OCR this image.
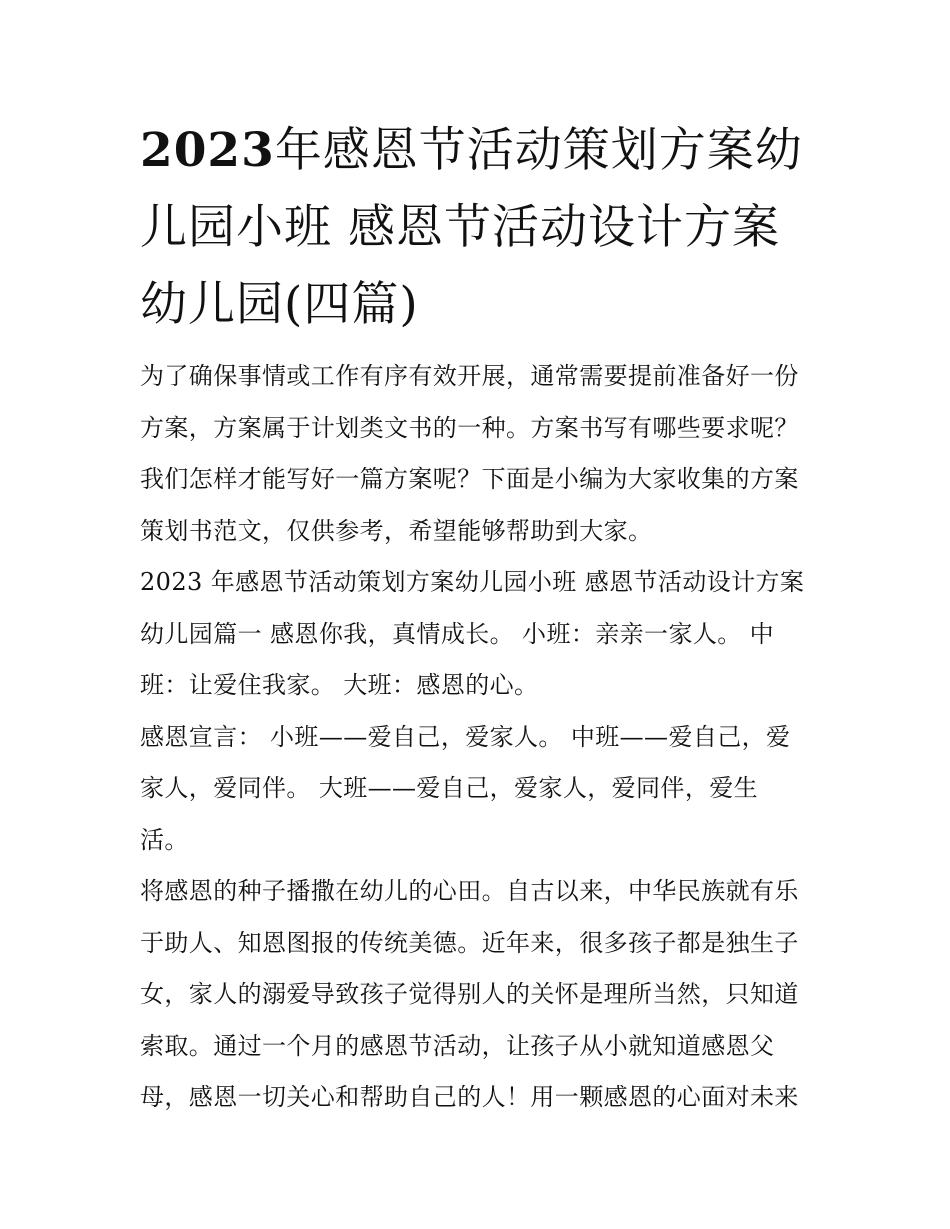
2023年感恩节活动策划方案幼儿园小班 感恩节活动设计方案幼儿园(四篇)

为了确保事情或工作有序有效开展，通常需要提前准备好一份
方案，方案属于计划类文书的一种。方案书写有哪些要求呢？
我们怎样才能写好一篇方案呢？下面是小编为大家收集的方案
策划书范文，仅供参考，希望能够帮助到大家。

2023 年感恩节活动策划方案幼儿园小班 感恩节活动设计方案
幼儿园篇一 感恩你我，真情成长。 小班：亲亲一家人。 中
班：让爱住我家。 大班：感恩的心。

感恩宣言： 小班——爱自己，爱家人。 中班——爱自己，爱
家人，爱同伴。 大班——爱自己，爱家人，爱同伴，爱生
活。

将感恩的种子播撒在幼儿的心田。自古以来，中华民族就有乐
于助人、知恩图报的传统美德。近年来，很多孩子都是独生子
女，家人的溺爱导致孩子觉得别人的关怀是理所当然，只知道
索取。通过一个月的感恩节活动，让孩子从小就知道感恩父
母，感恩一切关心和帮助自己的人！用一颗感恩的心面对未来
